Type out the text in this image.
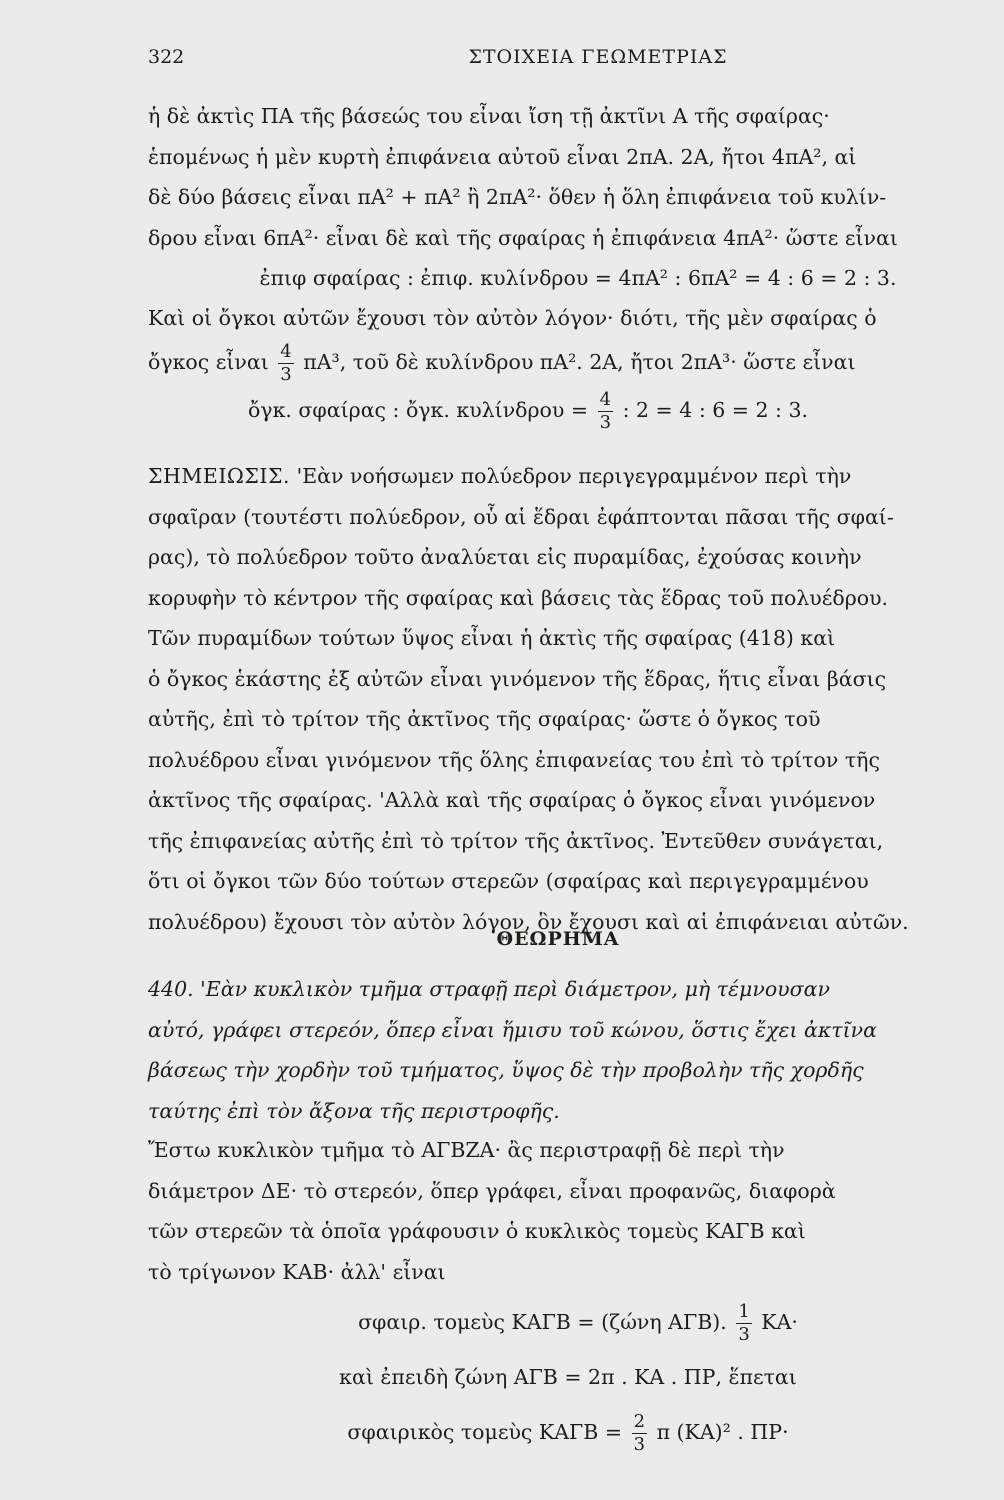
322	ΣΤΟΙΧΕΙΑ ΓΕΩΜΕΤΡΙΑΣ
ἡ δὲ ἀκτὶς ΠΑ τῆς βάσεώς του εἶναι ἴση τῇ ἀκτῖνι Α τῆς σφαίρας·
ἑπομένως ἡ μὲν κυρτὴ ἐπιφάνεια αὐτοῦ εἶναι 2πΑ. 2Α, ἤτοι 4πΑ², αἱ
δὲ δύο βάσεις εἶναι πΑ² + πΑ² ἢ 2πΑ²· ὅθεν ἡ ὅλη ἐπιφάνεια τοῦ κυλίν-
δρου εἶναι 6πΑ²· εἶναι δὲ καὶ τῆς σφαίρας ἡ ἐπιφάνεια 4πΑ²· ὥστε εἶναι
ἐπιφ σφαίρας : ἐπιφ. κυλίνδρου = 4πΑ² : 6πΑ² = 4 : 6 = 2 : 3.
Καὶ οἱ ὄγκοι αὐτῶν ἔχουσι τὸν αὐτὸν λόγον· διότι, τῆς μὲν σφαίρας ὁ
ὄγκος εἶναι $\frac{4}{3} \pi A^3$, τοῦ δὲ κυλίνδρου πΑ². 2Α, ἤτοι 2πΑ³· ὥστε εἶναι
ὄγκ. σφαίρας : ὄγκ. $\kappa\upsilon\lambda ί\nu\delta\rho o\upsilon = \frac{4}{3}$ : 2 = 4 : 6 = 2 : 3.
ΣΗΜΕΙΩΣΙΣ. 'Εὰν νοήσωμεν πολύεδρον περιγεγραμμένον περὶ τὴν
σφαῖραν (τουτέστι πολύεδρον, οὗ αἱ ἕδραι ἐφάπτονται πᾶσαι τῆς σφαί-
ρας), τὸ πολύεδρον τοῦτο ἀναλύεται εἰς πυραμίδας, ἐχούσας κοινὴν
κορυφὴν τὸ κέντρον τῆς σφαίρας καὶ βάσεις τὰς ἕδρας τοῦ πολυέδρου.
Τῶν πυραμίδων τούτων ὕψος εἶναι ἡ ἀκτὶς τῆς σφαίρας (418) καὶ
ὁ ὄγκος ἑκάστης ἐξ αὐτῶν εἶναι γινόμενον τῆς ἕδρας, ἥτις εἶναι βάσις
αὐτῆς, ἐπὶ τὸ τρίτον τῆς ἀκτῖνος τῆς σφαίρας· ὥστε ὁ ὄγκος τοῦ
πολυέδρου εἶναι γινόμενον τῆς ὅλης ἐπιφανείας του ἐπὶ τὸ τρίτον τῆς
ἀκτῖνος τῆς σφαίρας. 'Αλλὰ καὶ τῆς σφαίρας ὁ ὄγκος εἶναι γινόμενον
τῆς ἐπιφανείας αὐτῆς ἐπὶ τὸ τρίτον τῆς ἀκτῖνος. Ἐντεῦθεν συνάγεται,
ὅτι οἱ ὄγκοι τῶν δύο τούτων στερεῶν (σφαίρας καὶ περιγεγραμμένου
πολυέδρου) ἔχουσι τὸν αὐτὸν λόγον, ὃν ἔχουσι καὶ αἱ ἐπιφάνειαι αὐτῶν.
ΘΕΩΡΗΜΑ
440. 'Εὰν κυκλικὸν τμῆμα στραφῇ περὶ διάμετρον, μὴ τέμνουσαν
αὐτό, γράφει στερεόν, ὅπερ εἶναι ἥμισυ τοῦ κώνου, ὅστις ἔχει ἀκτῖνα
βάσεως τὴν χορδὴν τοῦ τμήματος, ὕψος δὲ τὴν προβολὴν τῆς χορδῆς
ταύτης ἐπὶ τὸν ἄξονα τῆς περιστροφῆς.
Ἔστω κυκλικὸν τμῆμα τὸ ΑΓΒΖΑ· ἂς περιστραφῇ δὲ περὶ τὴν
διάμετρον ΔΕ· τὸ στερεόν, ὅπερ γράφει, εἶναι προφανῶς, διαφορὰ
τῶν στερεῶν τὰ ὁποῖα γράφουσιν ὁ κυκλικὸς τομεὺς ΚΑΓΒ καὶ
τὸ τρίγωνον ΚΑΒ· ἀλλ' εἶναι
σφαιρ. τομεὺς ΚΑΓΒ = (ζώνη ΑΓΒ). $\frac{1}{3} KA\cdot$
καὶ ἐπειδὴ ζώνη ΑΓΒ = 2π . ΚΑ . ΠΡ, ἕπεται
σφαιρικὸς τομεὺς $KA\Gamma B = \frac{2}{3}$ π (ΚΑ)² . ΠΡ·
